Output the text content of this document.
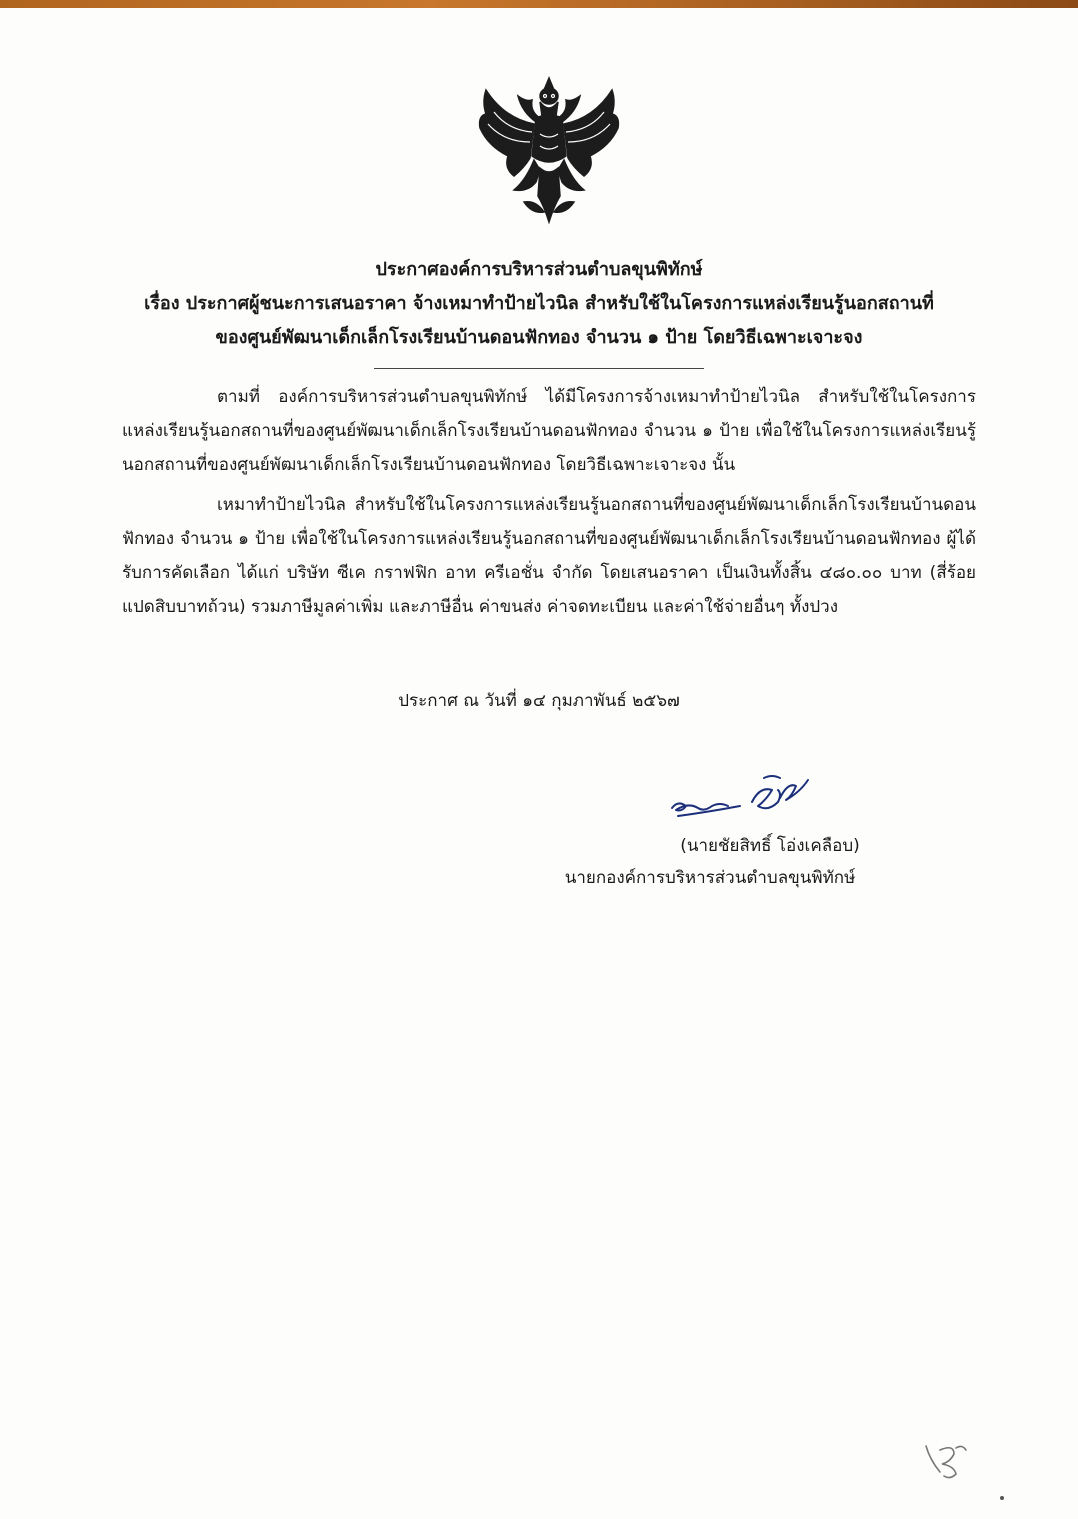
ประกาศองค์การบริหารส่วนตำบลขุนพิทักษ์
เรื่อง ประกาศผู้ชนะการเสนอราคา จ้างเหมาทำป้ายไวนิล สำหรับใช้ในโครงการแหล่งเรียนรู้นอกสถานที่
ของศูนย์พัฒนาเด็กเล็กโรงเรียนบ้านดอนฟักทอง จำนวน ๑ ป้าย โดยวิธีเฉพาะเจาะจง

ตามที่ องค์การบริหารส่วนตำบลขุนพิทักษ์ ได้มีโครงการจ้างเหมาทำป้ายไวนิล สำหรับใช้ในโครงการแหล่งเรียนรู้นอกสถานที่ของศูนย์พัฒนาเด็กเล็กโรงเรียนบ้านดอนฟักทอง จำนวน ๑ ป้าย เพื่อใช้ในโครงการแหล่งเรียนรู้นอกสถานที่ของศูนย์พัฒนาเด็กเล็กโรงเรียนบ้านดอนฟักทอง โดยวิธีเฉพาะเจาะจง นั้น

เหมาทำป้ายไวนิล สำหรับใช้ในโครงการแหล่งเรียนรู้นอกสถานที่ของศูนย์พัฒนาเด็กเล็กโรงเรียนบ้านดอนฟักทอง จำนวน ๑ ป้าย เพื่อใช้ในโครงการแหล่งเรียนรู้นอกสถานที่ของศูนย์พัฒนาเด็กเล็กโรงเรียนบ้านดอนฟักทอง ผู้ได้รับการคัดเลือก ได้แก่ บริษัท ซีเค กราฟฟิก อาท ครีเอชั่น จำกัด โดยเสนอราคา เป็นเงินทั้งสิ้น ๔๘๐.๐๐ บาท (สี่ร้อยแปดสิบบาทถ้วน) รวมภาษีมูลค่าเพิ่ม และภาษีอื่น ค่าขนส่ง ค่าจดทะเบียน และค่าใช้จ่ายอื่นๆ ทั้งปวง

ประกาศ ณ วันที่ ๑๔ กุมภาพันธ์ ๒๕๖๗
(นายชัยสิทธิ์ โอ่งเคลือบ)
นายกองค์การบริหารส่วนตำบลขุนพิทักษ์
